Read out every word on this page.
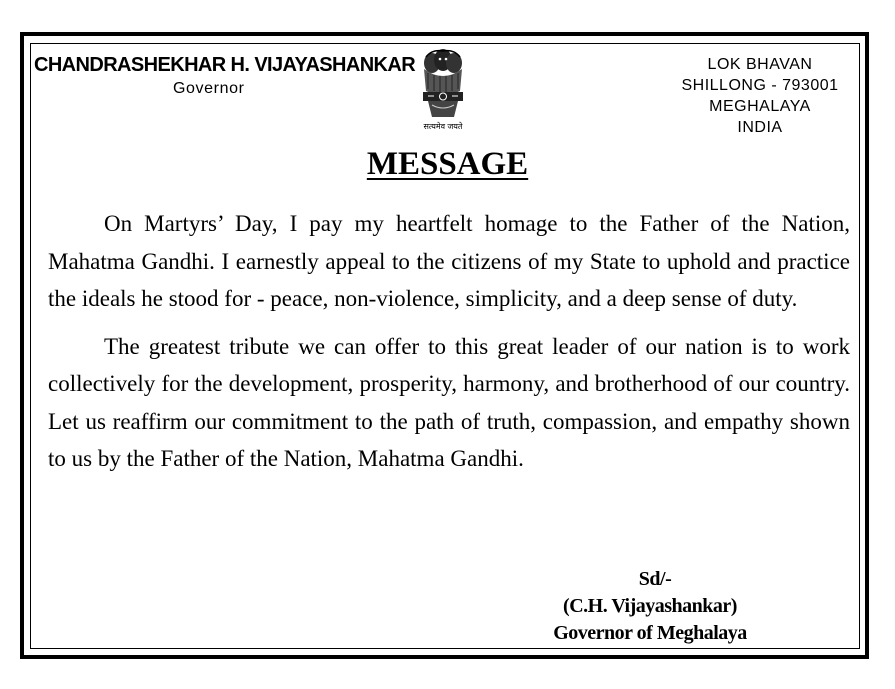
CHANDRASHEKHAR H. VIJAYASHANKAR
Governor
सत्यमेव जयते
LOK BHAVAN
SHILLONG - 793001
MEGHALAYA
INDIA
MESSAGE

On Martyrs’ Day, I pay my heartfelt homage to the Father of the Nation, Mahatma Gandhi. I earnestly appeal to the citizens of my State to uphold and practice the ideals he stood for - peace, non-violence, simplicity, and a deep sense of duty.

The greatest tribute we can offer to this great leader of our nation is to work collectively for the development, prosperity, harmony, and brotherhood of our country. Let us reaffirm our commitment to the path of truth, compassion, and empathy shown to us by the Father of the Nation, Mahatma Gandhi.

Sd/-
(C.H. Vijayashankar)
Governor of Meghalaya
